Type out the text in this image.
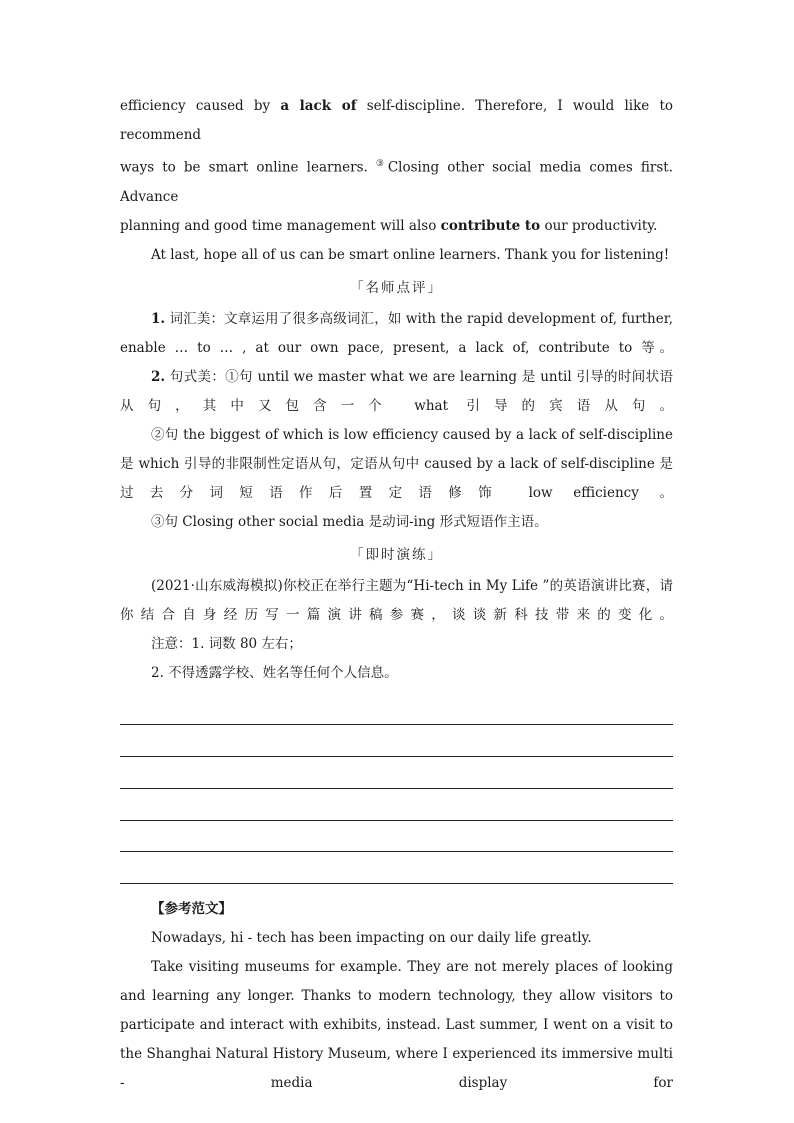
efficiency caused by a lack of self-discipline. Therefore, I would like to recommend

ways to be smart online learners. ③Closing other social media comes first. Advance

planning and good time management will also contribute to our productivity.

At last, hope all of us can be smart online learners. Thank you for listening!

「名师点评」

1. 词汇美：文章运用了很多高级词汇，如 with the rapid development of, further, enable … to … , at our own pace, present, a lack of, contribute to 等。

2. 句式美：①句 until we master what we are learning 是 until 引导的时间状语从句，其中又包含一个 what 引导的宾语从句。

②句 the biggest of which is low efficiency caused by a lack of self-discipline 是 which 引导的非限制性定语从句，定语从句中 caused by a lack of self-discipline 是过去分词短语作后置定语修饰 low efficiency 。

③句 Closing other social media 是动词-ing 形式短语作主语。

「即时演练」

(2021·山东威海模拟)你校正在举行主题为“Hi-tech in My Life ”的英语演讲比赛，请你结合自身经历写一篇演讲稿参赛，谈谈新科技带来的变化。

注意：1. 词数 80 左右；

2. 不得透露学校、姓名等任何个人信息。

【参考范文】

Nowadays, hi - tech has been impacting on our daily life greatly.

Take visiting museums for example. They are not merely places of looking and learning any longer. Thanks to modern technology, they allow visitors to participate and interact with exhibits, instead. Last summer, I went on a visit to the Shanghai Natural History Museum, where I experienced its immersive multi - media display for
